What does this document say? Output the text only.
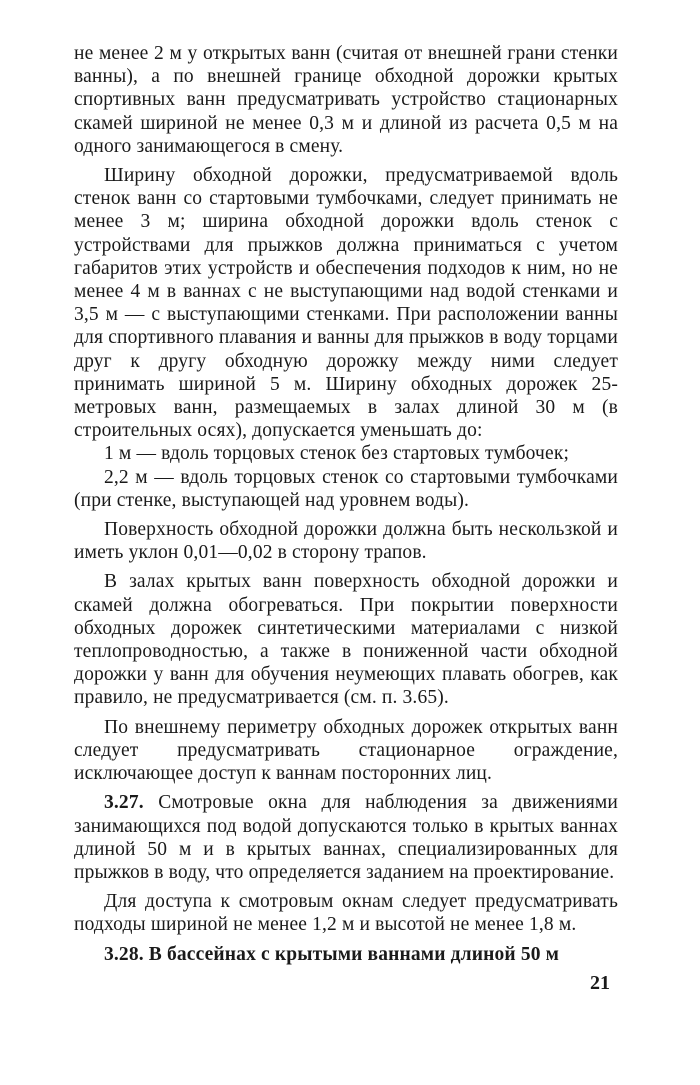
не менее 2 м у открытых ванн (считая от внешней грани стенки ванны), а по внешней границе обходной дорожки крытых спортивных ванн предусматривать устройство стационарных скамей шириной не менее 0,3 м и длиной из расчета 0,5 м на одного занимающегося в смену.

Ширину обходной дорожки, предусматриваемой вдоль стенок ванн со стартовыми тумбочками, следует принимать не менее 3 м; ширина обходной дорожки вдоль стенок с устройствами для прыжков должна приниматься с учетом габаритов этих устройств и обеспечения подходов к ним, но не менее 4 м в ваннах с не выступающими над водой стенками и 3,5 м — с выступающими стенками. При расположении ванны для спортивного плавания и ванны для прыжков в воду торцами друг к другу обходную дорожку между ними следует принимать шириной 5 м. Ширину обходных дорожек 25-метровых ванн, размещаемых в залах длиной 30 м (в строительных осях), допускается уменьшать до:

1 м — вдоль торцовых стенок без стартовых тумбочек;

2,2 м — вдоль торцовых стенок со стартовыми тумбочками (при стенке, выступающей над уровнем воды).

Поверхность обходной дорожки должна быть нескользкой и иметь уклон 0,01—0,02 в сторону трапов.

В залах крытых ванн поверхность обходной дорожки и скамей должна обогреваться. При покрытии поверхности обходных дорожек синтетическими материалами с низкой теплопроводностью, а также в пониженной части обходной дорожки у ванн для обучения неумеющих плавать обогрев, как правило, не предусматривается (см. п. 3.65).

По внешнему периметру обходных дорожек открытых ванн следует предусматривать стационарное ограждение, исключающее доступ к ваннам посторонних лиц.

3.27. Смотровые окна для наблюдения за движениями занимающихся под водой допускаются только в крытых ваннах длиной 50 м и в крытых ваннах, специализированных для прыжков в воду, что определяется заданием на проектирование.

Для доступа к смотровым окнам следует предусматривать подходы шириной не менее 1,2 м и высотой не менее 1,8 м.

3.28. В бассейнах с крытыми ваннами длиной 50 м

21
